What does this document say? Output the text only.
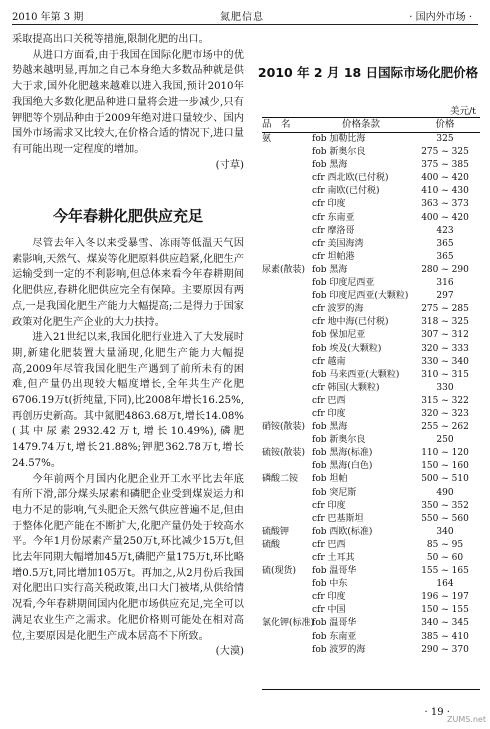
2010 年第 3 期	氮肥信息	· 国内外市场 ·

采取提高出口关税等措施,限制化肥的出口。

从进口方面看,由于我国在国际化肥市场中的优势越来越明显,再加之自己本身绝大多数品种就是供大于求,国外化肥越来越难以进入我国,预计2010年我国绝大多数化肥品种进口量将会进一步减少,只有钾肥等个别品种由于2009年绝对进口量较少、国内国外市场需求又比较大,在价格合适的情况下,进口量有可能出现一定程度的增加。

(寸草)
今年春耕化肥供应充足

尽管去年入冬以来受暴雪、冻雨等低温天气因素影响,天然气、煤炭等化肥原料供应趋紧,化肥生产运输受到一定的不利影响,但总体来看今年春耕期间化肥供应,春耕化肥供应完全有保障。主要原因有两点,一是我国化肥生产能力大幅提高;二是得力于国家政策对化肥生产企业的大力扶持。

进入21世纪以来,我国化肥行业进入了大发展时期,新建化肥装置大量涌现,化肥生产能力大幅提高,2009年尽管我国化肥生产遇到了前所未有的困难,但产量仍出现较大幅度增长,全年共生产化肥6706.19万t(折纯量,下同),比2008年增长16.25%,再创历史新高。其中氮肥4863.68万t,增长14.08%(其中尿素2932.42万t,增长10.49%),磷肥1479.74万t,增长21.88%;钾肥362.78万t,增长24.57%。

今年前两个月国内化肥企业开工水平比去年底有所下滑,部分煤头尿素和磷肥企业受到煤炭运力和电力不足的影响,气头肥企天然气供应普遍不足,但由于整体化肥产能在不断扩大,化肥产量仍处于较高水平。今年1月份尿素产量250万t,环比减少15万t,但比去年同期大幅增加45万t,磷肥产量175万t,环比略增0.5万t,同比增加105万t。再加之,从2月份后我国对化肥出口实行高关税政策,出口大门被堵,从供给情况看,今年春耕期间国内化肥市场供应充足,完全可以满足农业生产之需求。化肥价格则可能处在相对高位,主要原因是化肥生产成本居高不下所致。

(大漠)
2010 年 2 月 18 日国际市场化肥价格
美元/t
品　名	价格条款	价格
氨	fob 加勒比海	325
fob 新奥尔良	275 ~ 325
fob 黑海	375 ~ 385
cfr 西北欧(已付税)	400 ~ 420
cfr 南欧(已付税)	410 ~ 430
cfr 印度	363 ~ 373
cfr 东南亚	400 ~ 420
cfr 摩洛哥	423
cfr 美国海湾	365
cfr 坦帕港	365
尿素(散装) fob 黑海	280 ~ 290
fob 印度尼西亚	316
fob 印度尼西亚(大颗粒)	297
cfr 波罗的海	275 ~ 285
cfr 地中海(已付税)	318 ~ 325
fob 保加尼亚	307 ~ 312
fob 埃及(大颗粒)	320 ~ 333
cfr 越南	330 ~ 340
fob 马来西亚(大颗粒)	310 ~ 315
cfr 韩国(大颗粒)	330
cfr 巴西	315 ~ 322
cfr 印度	320 ~ 323
硝铵(散装) fob 黑海	255 ~ 262
fob 新奥尔良	250
硫铵(散装) fob 黑海(标准)	110 ~ 120
fob 黑海(白色)	150 ~ 160
磷酸二铵	fob 坦帕	500 ~ 510
fob 突尼斯	490
cfr 印度	350 ~ 352
cfr 巴基斯坦	550 ~ 560
硫酸钾	fob 西欧(标准)	340
硫酸	cfr 巴西	85 ~ 95
cfr 土耳其	50 ~ 60
硫(现货)	fob 温哥华	155 ~ 165
fob 中东	164
cfr 印度	196 ~ 197
cfr 中国	150 ~ 155
氯化钾(标准)
fob 温哥华	340 ~ 345
fob 东南亚	385 ~ 410
fob 波罗的海	290 ~ 370
· 19 ·
ZUMS.net
